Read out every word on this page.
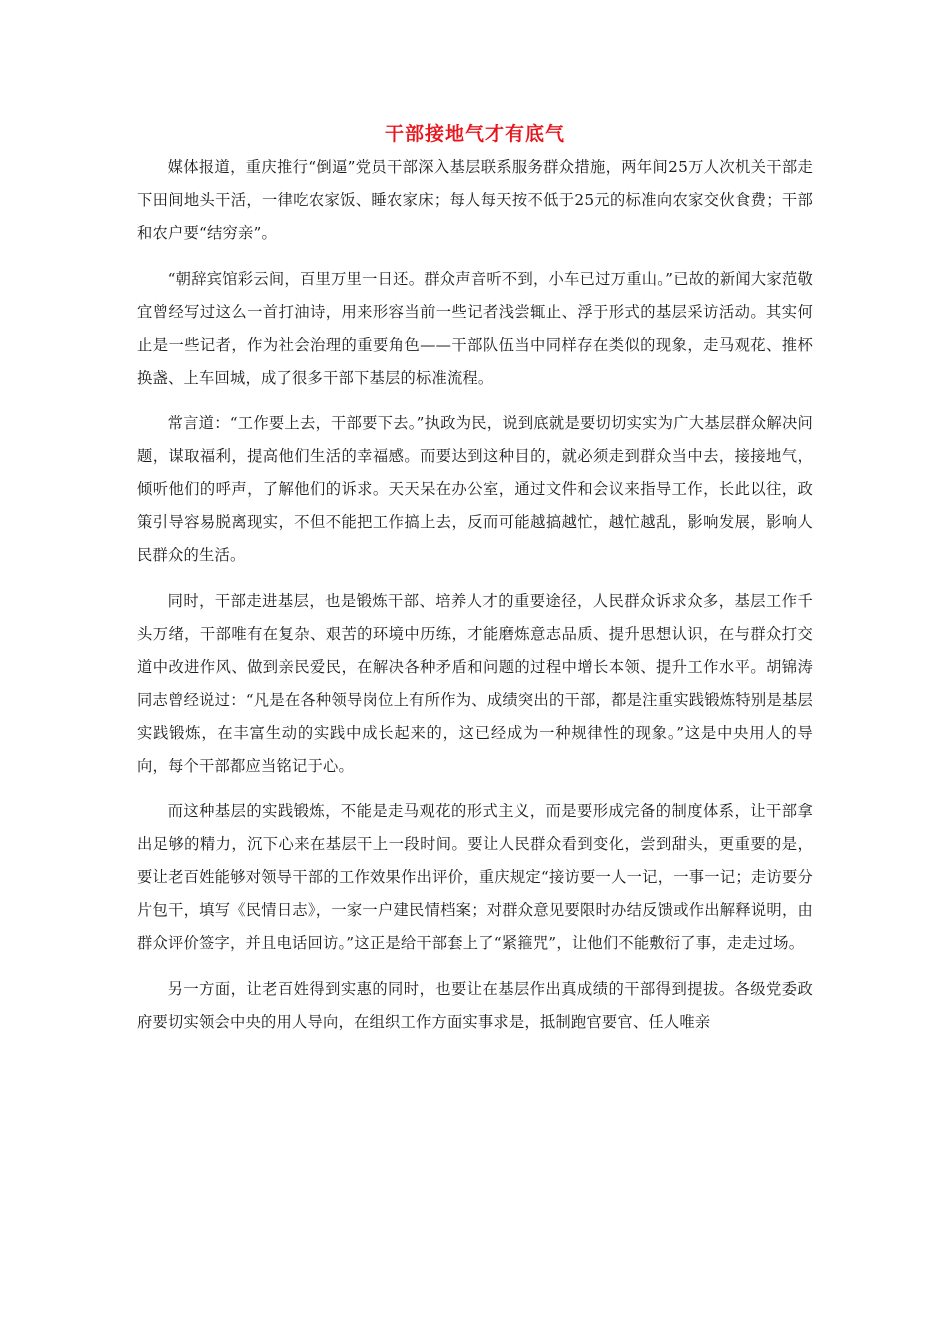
干部接地气才有底气

媒体报道，重庆推行“倒逼”党员干部深入基层联系服务群众措施，两年间25万人次机关干部走下田间地头干活，一律吃农家饭、睡农家床；每人每天按不低于25元的标准向农家交伙食费；干部和农户要“结穷亲”。

“朝辞宾馆彩云间，百里万里一日还。群众声音听不到，小车已过万重山。”已故的新闻大家范敬宜曾经写过这么一首打油诗，用来形容当前一些记者浅尝辄止、浮于形式的基层采访活动。其实何止是一些记者，作为社会治理的重要角色——干部队伍当中同样存在类似的现象，走马观花、推杯换盏、上车回城，成了很多干部下基层的标准流程。

常言道：“工作要上去，干部要下去。”执政为民，说到底就是要切切实实为广大基层群众解决问题，谋取福利，提高他们生活的幸福感。而要达到这种目的，就必须走到群众当中去，接接地气，倾听他们的呼声，了解他们的诉求。天天呆在办公室，通过文件和会议来指导工作，长此以往，政策引导容易脱离现实，不但不能把工作搞上去，反而可能越搞越忙，越忙越乱，影响发展，影响人民群众的生活。

同时，干部走进基层，也是锻炼干部、培养人才的重要途径，人民群众诉求众多，基层工作千头万绪，干部唯有在复杂、艰苦的环境中历练，才能磨炼意志品质、提升思想认识，在与群众打交道中改进作风、做到亲民爱民，在解决各种矛盾和问题的过程中增长本领、提升工作水平。胡锦涛同志曾经说过：“凡是在各种领导岗位上有所作为、成绩突出的干部，都是注重实践锻炼特别是基层实践锻炼，在丰富生动的实践中成长起来的，这已经成为一种规律性的现象。”这是中央用人的导向，每个干部都应当铭记于心。

而这种基层的实践锻炼，不能是走马观花的形式主义，而是要形成完备的制度体系，让干部拿出足够的精力，沉下心来在基层干上一段时间。要让人民群众看到变化，尝到甜头，更重要的是，要让老百姓能够对领导干部的工作效果作出评价，重庆规定“接访要一人一记，一事一记；走访要分片包干，填写《民情日志》，一家一户建民情档案；对群众意见要限时办结反馈或作出解释说明，由群众评价签字，并且电话回访。”这正是给干部套上了“紧箍咒”，让他们不能敷衍了事，走走过场。

另一方面，让老百姓得到实惠的同时，也要让在基层作出真成绩的干部得到提拔。各级党委政府要切实领会中央的用人导向，在组织工作方面实事求是，抵制跑官要官、任人唯亲
